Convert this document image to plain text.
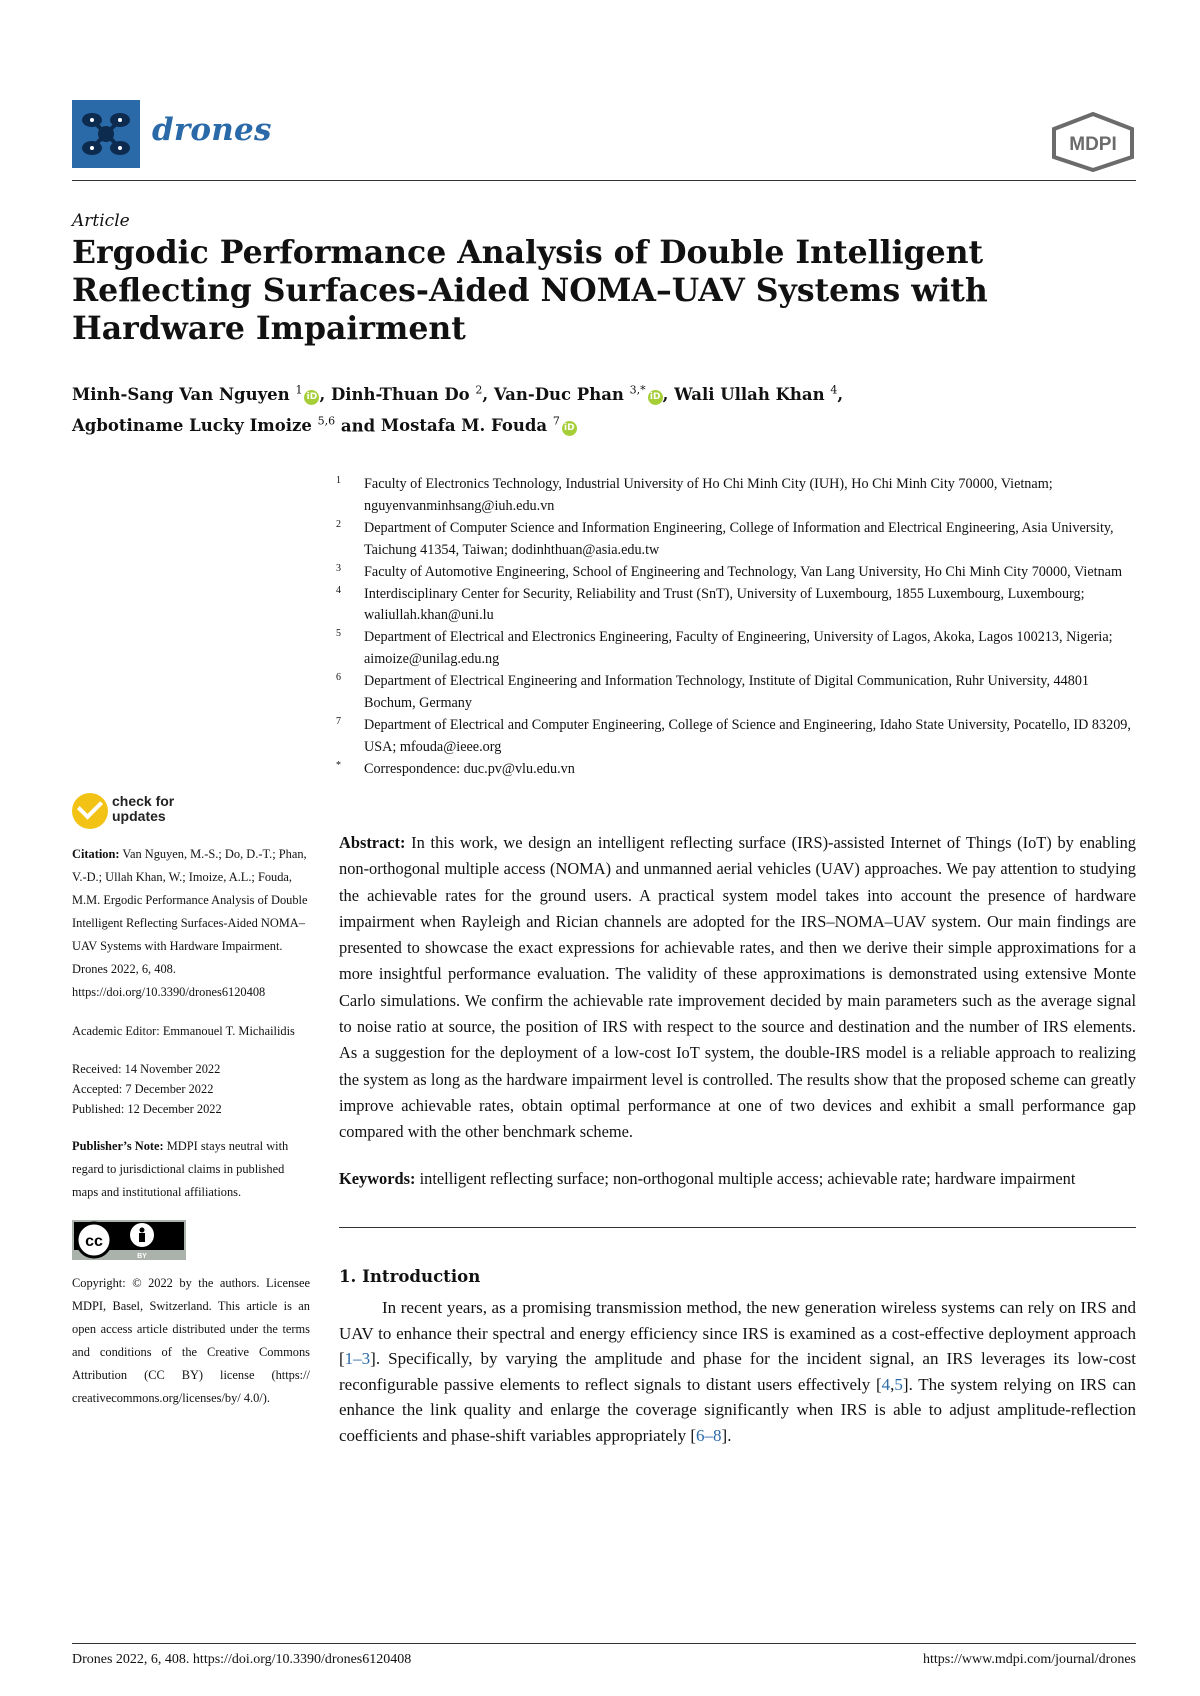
drones	MDPI
Article
Ergodic Performance Analysis of Double Intelligent Reflecting Surfaces-Aided NOMA–UAV Systems with Hardware Impairment
Minh-Sang Van Nguyen $^1$iD , Dinh-Thuan Do $^2$, Van-Duc Phan $^{3,*}$iD , Wali Ullah Khan $^4$,
Agbotiname Lucky Imoize $^{5,6}$ and Mostafa M. Fouda $^7$iD
1	Faculty of Electronics Technology, Industrial University of Ho Chi Minh City (IUH), Ho Chi Minh City 70000, Vietnam; nguyenvanminhsang@iuh.edu.vn
2	Department of Computer Science and Information Engineering, College of Information and Electrical Engineering, Asia University, Taichung 41354, Taiwan; dodinhthuan@asia.edu.tw
3	Faculty of Automotive Engineering, School of Engineering and Technology, Van Lang University, Ho Chi Minh City 70000, Vietnam
4	Interdisciplinary Center for Security, Reliability and Trust (SnT), University of Luxembourg, 1855 Luxembourg, Luxembourg; waliullah.khan@uni.lu
5	Department of Electrical and Electronics Engineering, Faculty of Engineering, University of Lagos, Akoka, Lagos 100213, Nigeria; aimoize@unilag.edu.ng
6	Department of Electrical Engineering and Information Technology, Institute of Digital Communication, Ruhr University, 44801 Bochum, Germany
7	Department of Electrical and Computer Engineering, College of Science and Engineering, Idaho State University, Pocatello, ID 83209, USA; mfouda@ieee.org
*	Correspondence: duc.pv@vlu.edu.vn
check for updates

Citation: Van Nguyen, M.-S.; Do, D.-T.; Phan, V.-D.; Ullah Khan, W.; Imoize, A.L.; Fouda, M.M. Ergodic Performance Analysis of Double Intelligent Reflecting Surfaces-Aided NOMA–UAV Systems with Hardware Impairment. Drones 2022, 6, 408. https://doi.org/10.3390/drones6120408

Academic Editor: Emmanouel T. Michailidis

Received: 14 November 2022
Accepted: 7 December 2022
Published: 12 December 2022

Publisher’s Note: MDPI stays neutral with regard to jurisdictional claims in published maps and institutional affiliations.

cc
BY

Copyright: © 2022 by the authors. Licensee MDPI, Basel, Switzerland. This article is an open access article distributed under the terms and conditions of the Creative Commons Attribution (CC BY) license (https:// creativecommons.org/licenses/by/ 4.0/).

Abstract: In this work, we design an intelligent reflecting surface (IRS)-assisted Internet of Things (IoT) by enabling non-orthogonal multiple access (NOMA) and unmanned aerial vehicles (UAV) approaches. We pay attention to studying the achievable rates for the ground users. A practical system model takes into account the presence of hardware impairment when Rayleigh and Rician channels are adopted for the IRS–NOMA–UAV system. Our main findings are presented to showcase the exact expressions for achievable rates, and then we derive their simple approximations for a more insightful performance evaluation. The validity of these approximations is demonstrated using extensive Monte Carlo simulations. We confirm the achievable rate improvement decided by main parameters such as the average signal to noise ratio at source, the position of IRS with respect to the source and destination and the number of IRS elements. As a suggestion for the deployment of a low-cost IoT system, the double-IRS model is a reliable approach to realizing the system as long as the hardware impairment level is controlled. The results show that the proposed scheme can greatly improve achievable rates, obtain optimal performance at one of two devices and exhibit a small performance gap compared with the other benchmark scheme.

Keywords: intelligent reflecting surface; non-orthogonal multiple access; achievable rate; hardware impairment

1. Introduction

In recent years, as a promising transmission method, the new generation wireless systems can rely on IRS and UAV to enhance their spectral and energy efficiency since IRS is examined as a cost-effective deployment approach [1–3]. Specifically, by varying the amplitude and phase for the incident signal, an IRS leverages its low-cost reconfigurable passive elements to reflect signals to distant users effectively [4,5]. The system relying on IRS can enhance the link quality and enlarge the coverage significantly when IRS is able to adjust amplitude-reflection coefficients and phase-shift variables appropriately [6–8].

Drones 2022, 6, 408. https://doi.org/10.3390/drones6120408	https://www.mdpi.com/journal/drones
